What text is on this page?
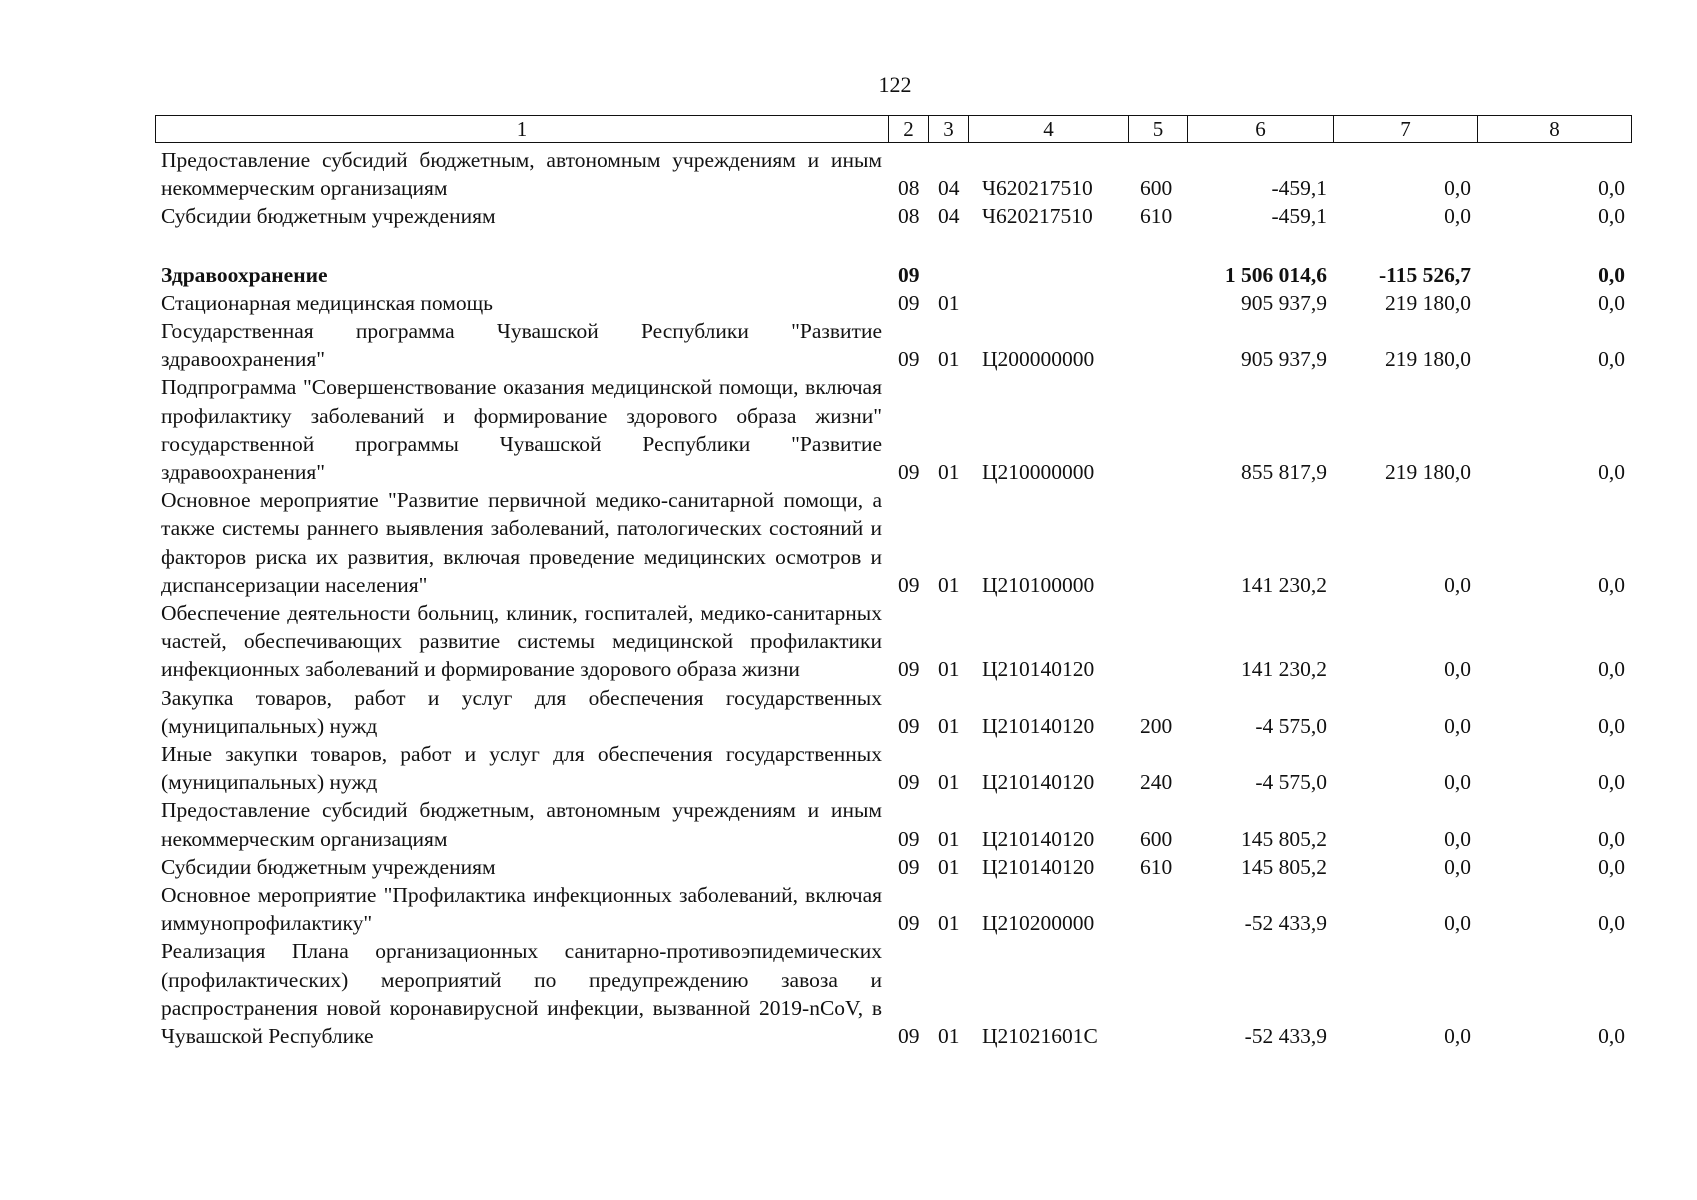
122
1	2	3	4	5	6	7	8
Предоставление субсидий бюджетным, автономным учреждениям и иным некоммерческим организациям	08	04	Ч620217510	600	-459,1	0,0	0,0
Субсидии бюджетным учреждениям	08	04	Ч620217510	610	-459,1	0,0	0,0

Здравоохранение	09				1 506 014,6	-115 526,7	0,0
Стационарная медицинская помощь	09	01			905 937,9	219 180,0	0,0
Государственная программа Чувашской Республики "Развитие здравоохранения"	09	01	Ц200000000		905 937,9	219 180,0	0,0
Подпрограмма "Совершенствование оказания медицинской помощи, включая профилактику заболеваний и формирование здорового образа жизни" государственной программы Чувашской Республики "Развитие здравоохранения"	09	01	Ц210000000		855 817,9	219 180,0	0,0
Основное мероприятие "Развитие первичной медико-санитарной помощи, а также системы раннего выявления заболеваний, патологических состояний и факторов риска их развития, включая проведение медицинских осмотров и диспансеризации населения"	09	01	Ц210100000		141 230,2	0,0	0,0
Обеспечение деятельности больниц, клиник, госпиталей, медико-санитарных частей, обеспечивающих развитие системы медицинской профилактики инфекционных заболеваний и формирование здорового образа жизни	09	01	Ц210140120		141 230,2	0,0	0,0
Закупка товаров, работ и услуг для обеспечения государственных (муниципальных) нужд	09	01	Ц210140120	200	-4 575,0	0,0	0,0
Иные закупки товаров, работ и услуг для обеспечения государственных (муниципальных) нужд	09	01	Ц210140120	240	-4 575,0	0,0	0,0
Предоставление субсидий бюджетным, автономным учреждениям и иным некоммерческим организациям	09	01	Ц210140120	600	145 805,2	0,0	0,0
Субсидии бюджетным учреждениям	09	01	Ц210140120	610	145 805,2	0,0	0,0
Основное мероприятие "Профилактика инфекционных заболеваний, включая иммунопрофилактику"	09	01	Ц210200000		-52 433,9	0,0	0,0
Реализация Плана организационных санитарно-противоэпидемических (профилактических) мероприятий по предупреждению завоза и распространения новой коронавирусной инфекции, вызванной 2019-nCoV, в Чувашской Республике	09	01	Ц21021601С		-52 433,9	0,0	0,0
